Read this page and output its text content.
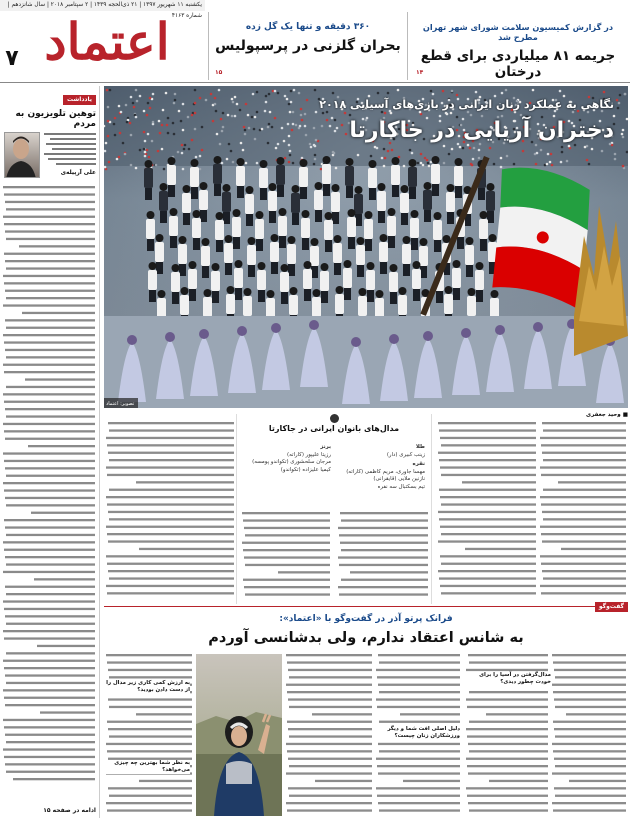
یکشنبه ۱۱ شهریور ۱۳۹۷ | ۲۱ ذی‌الحجه ۱۴۳۹ | ۲ سپتامبر ۲۰۱۸ | سال شانزدهم | شماره ۴۱۶۳
اعتماد
۷
۳۶۰ دقیقه و تنها یک گل زده
بحران گلزنی در پرسپولیس
۱۵
در گزارش کمیسیون سلامت شورای شهر تهران مطرح شد
جریمه ۸۱ میلیاردی برای قطع درختان
۱۴
یادداشت
توهین تلویزیون به مردم
علی آرپیله‌ی
ادامه در صفحه ۱۵
نگاهی به عملکرد زنان ایرانی در بازی‌های آسیایی ۲۰۱۸
دختران آریایی در جاکارتا
تصویر: اعتماد
■ وحید جعفری
مدال‌های بانوان ایرانی در جاکارتا
طلا
زینب کبیری (دار)
نقره
مهسا جاوری، مریم کاظمی (کاراته)
نازنین ملایی (قایقرانی)
تیم بسکتبال سه نفره
برنز
رزیتا علیپور (کاراته)
مرجان سلحشوری (تکواندو پومسه)
کیمیا علیزاده (تکواندو)
گفت‌وگو
فرانک پرتو آذر در گفت‌وگو با «اعتماد»:
به شانس اعتقاد ندارم، ولی بدشانسی آوردم
مدال‌گرفتن در آسیا را برای خودت چطور دیدی؟
دلیل اصلی افت شما و دیگر ورزشکاران زنان چیست؟
به ارزش کمی کاری زیر مدال را از دست دادن بودید؟
به نظر شما بهترین چه چیزی می‌خواهد؟
